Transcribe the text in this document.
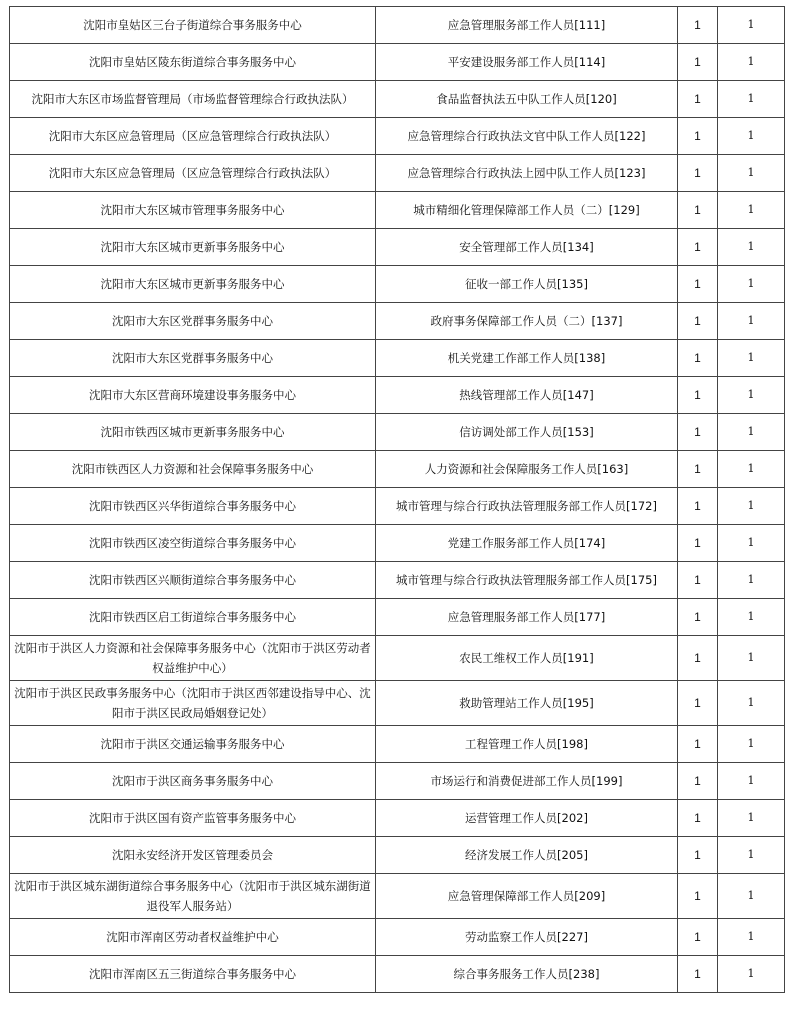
沈阳市皇姑区三台子街道综合事务服务中心	应急管理服务部工作人员[111]	1	1
沈阳市皇姑区陵东街道综合事务服务中心	平安建设服务部工作人员[114]	1	1
沈阳市大东区市场监督管理局（市场监督管理综合行政执法队）	食品监督执法五中队工作人员[120]	1	1
沈阳市大东区应急管理局（区应急管理综合行政执法队）	应急管理综合行政执法文官中队工作人员[122]	1	1
沈阳市大东区应急管理局（区应急管理综合行政执法队）	应急管理综合行政执法上园中队工作人员[123]	1	1
沈阳市大东区城市管理事务服务中心	城市精细化管理保障部工作人员（二）[129]	1	1
沈阳市大东区城市更新事务服务中心	安全管理部工作人员[134]	1	1
沈阳市大东区城市更新事务服务中心	征收一部工作人员[135]	1	1
沈阳市大东区党群事务服务中心	政府事务保障部工作人员（二）[137]	1	1
沈阳市大东区党群事务服务中心	机关党建工作部工作人员[138]	1	1
沈阳市大东区营商环境建设事务服务中心	热线管理部工作人员[147]	1	1
沈阳市铁西区城市更新事务服务中心	信访调处部工作人员[153]	1	1
沈阳市铁西区人力资源和社会保障事务服务中心	人力资源和社会保障服务工作人员[163]	1	1
沈阳市铁西区兴华街道综合事务服务中心	城市管理与综合行政执法管理服务部工作人员[172]	1	1
沈阳市铁西区凌空街道综合事务服务中心	党建工作服务部工作人员[174]	1	1
沈阳市铁西区兴顺街道综合事务服务中心	城市管理与综合行政执法管理服务部工作人员[175]	1	1
沈阳市铁西区启工街道综合事务服务中心	应急管理服务部工作人员[177]	1	1
沈阳市于洪区人力资源和社会保障事务服务中心（沈阳市于洪区劳动者权益维护中心）	农民工维权工作人员[191]	1	1
沈阳市于洪区民政事务服务中心（沈阳市于洪区西邻建设指导中心、沈阳市于洪区民政局婚姻登记处）	救助管理站工作人员[195]	1	1
沈阳市于洪区交通运输事务服务中心	工程管理工作人员[198]	1	1
沈阳市于洪区商务事务服务中心	市场运行和消费促进部工作人员[199]	1	1
沈阳市于洪区国有资产监管事务服务中心	运营管理工作人员[202]	1	1
沈阳永安经济开发区管理委员会	经济发展工作人员[205]	1	1
沈阳市于洪区城东湖街道综合事务服务中心（沈阳市于洪区城东湖街道退役军人服务站）	应急管理保障部工作人员[209]	1	1
沈阳市浑南区劳动者权益维护中心	劳动监察工作人员[227]	1	1
沈阳市浑南区五三街道综合事务服务中心	综合事务服务工作人员[238]	1	1
